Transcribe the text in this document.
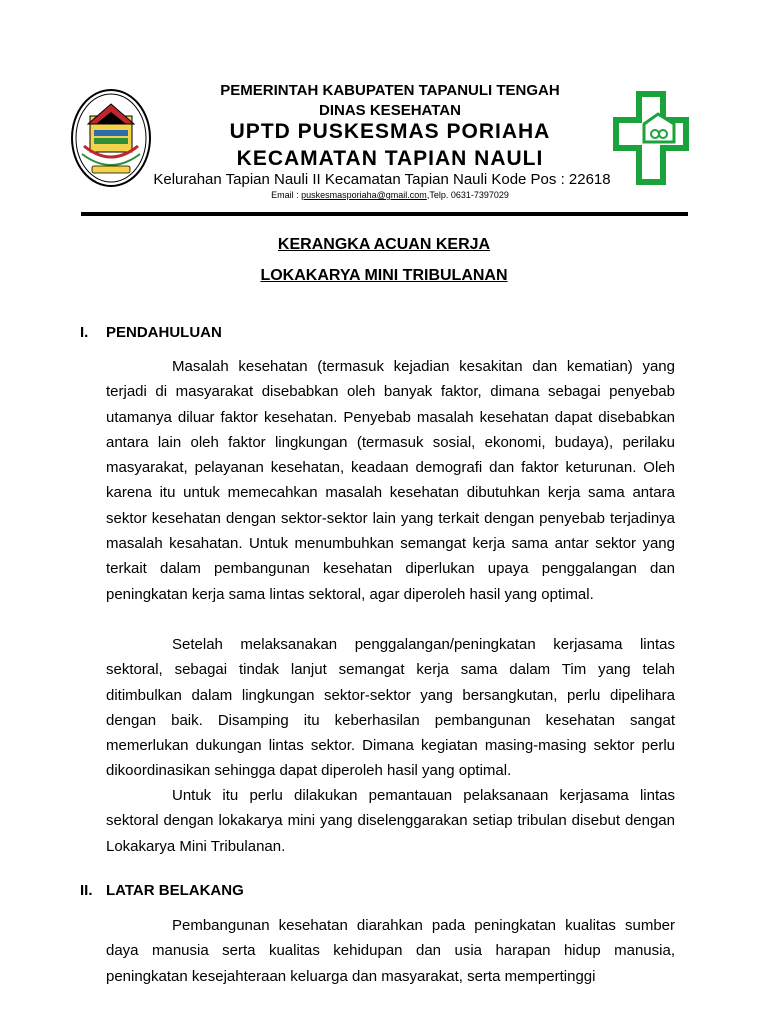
PEMERINTAH KABUPATEN TAPANULI TENGAH
DINAS KESEHATAN
UPTD PUSKESMAS PORIAHA
KECAMATAN TAPIAN NAULI
Kelurahan Tapian Nauli II Kecamatan Tapian Nauli Kode Pos : 22618
Email : puskesmasporiaha@gmail.com,Telp. 0631-7397029
KERANGKA ACUAN KERJA
LOKAKARYA MINI TRIBULANAN
I. PENDAHULUAN

Masalah kesehatan (termasuk kejadian kesakitan dan kematian) yang terjadi di masyarakat disebabkan oleh banyak faktor, dimana sebagai penyebab utamanya diluar faktor kesehatan. Penyebab masalah kesehatan dapat disebabkan antara lain oleh faktor lingkungan (termasuk sosial, ekonomi, budaya), perilaku masyarakat, pelayanan kesehatan, keadaan demografi dan faktor keturunan. Oleh karena itu untuk memecahkan masalah kesehatan dibutuhkan kerja sama antara sektor kesehatan dengan sektor-sektor lain yang terkait dengan penyebab terjadinya masalah kesahatan. Untuk menumbuhkan semangat kerja sama antar sektor yang terkait dalam pembangunan kesehatan diperlukan upaya penggalangan dan peningkatan kerja sama lintas sektoral, agar diperoleh hasil yang optimal.

Setelah melaksanakan penggalangan/peningkatan kerjasama lintas sektoral, sebagai tindak lanjut semangat kerja sama dalam Tim yang telah ditimbulkan dalam lingkungan sektor-sektor yang bersangkutan, perlu dipelihara dengan baik. Disamping itu keberhasilan pembangunan kesehatan sangat memerlukan dukungan lintas sektor. Dimana kegiatan masing-masing sektor perlu dikoordinasikan sehingga dapat diperoleh hasil yang optimal.

Untuk itu perlu dilakukan pemantauan pelaksanaan kerjasama lintas sektoral dengan lokakarya mini yang diselenggarakan setiap tribulan disebut dengan Lokakarya Mini Tribulanan.

II. LATAR BELAKANG

Pembangunan kesehatan diarahkan pada peningkatan kualitas sumber daya manusia serta kualitas kehidupan dan usia harapan hidup manusia, peningkatan kesejahteraan keluarga dan masyarakat, serta mempertinggi
